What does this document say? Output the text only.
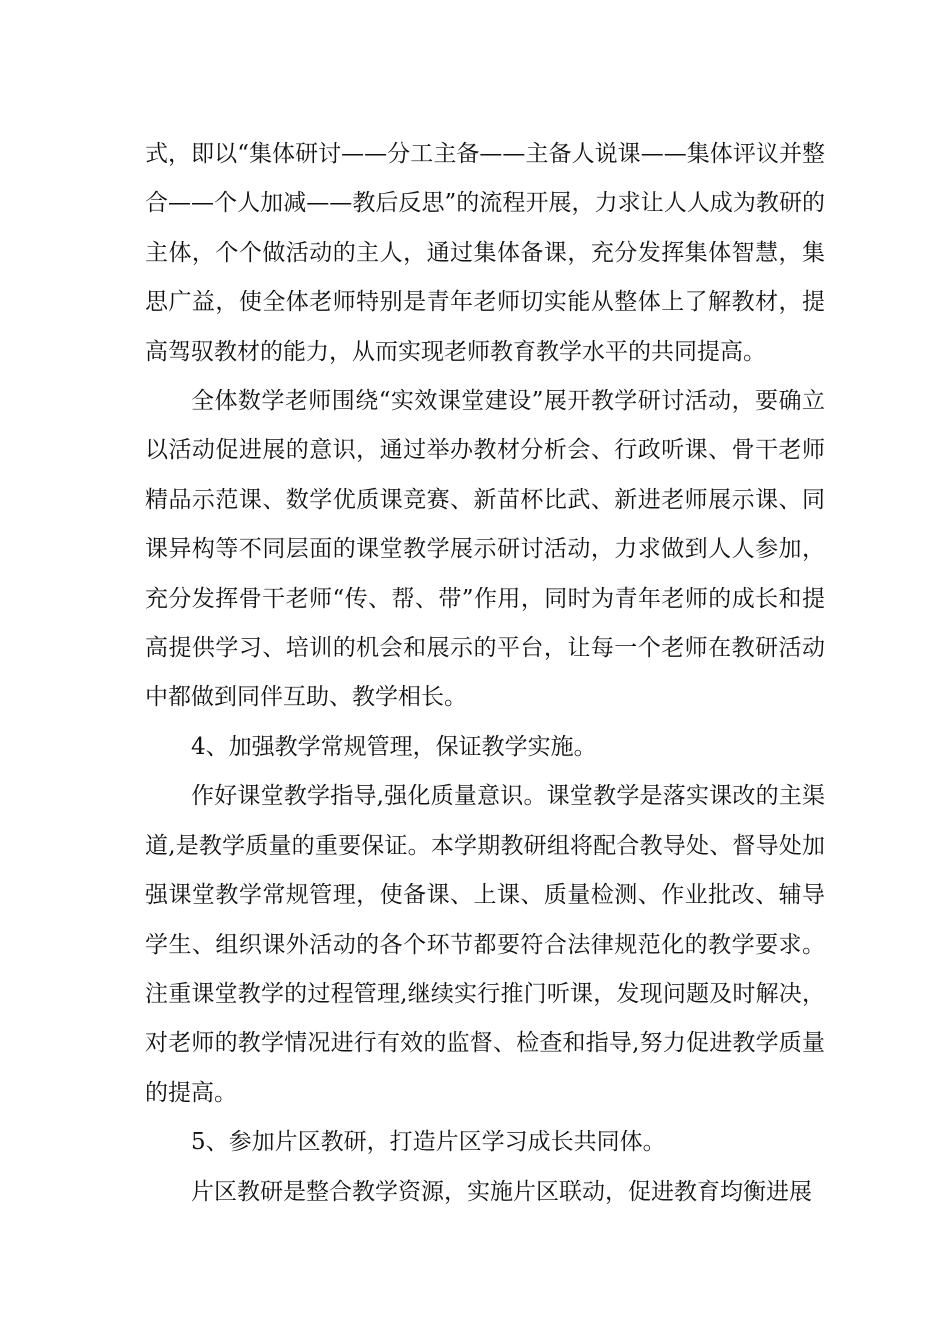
式，即以“集体研讨——分工主备——主备人说课——集体评议并整合——个人加减——教后反思”的流程开展，力求让人人成为教研的主体，个个做活动的主人，通过集体备课，充分发挥集体智慧，集思广益，使全体老师特别是青年老师切实能从整体上了解教材，提高驾驭教材的能力，从而实现老师教育教学水平的共同提高。

全体数学老师围绕“实效课堂建设”展开教学研讨活动，要确立以活动促进展的意识，通过举办教材分析会、行政听课、骨干老师精品示范课、数学优质课竞赛、新苗杯比武、新进老师展示课、同课异构等不同层面的课堂教学展示研讨活动，力求做到人人参加，充分发挥骨干老师“传、帮、带”作用，同时为青年老师的成长和提高提供学习、培训的机会和展示的平台，让每一个老师在教研活动中都做到同伴互助、教学相长。

4、加强教学常规管理，保证教学实施。

作好课堂教学指导,强化质量意识。课堂教学是落实课改的主渠道,是教学质量的重要保证。本学期教研组将配合教导处、督导处加强课堂教学常规管理，使备课、上课、质量检测、作业批改、辅导学生、组织课外活动的各个环节都要符合法律规范化的教学要求。注重课堂教学的过程管理,继续实行推门听课，发现问题及时解决，对老师的教学情况进行有效的监督、检查和指导,努力促进教学质量的提高。

5、参加片区教研，打造片区学习成长共同体。

片区教研是整合教学资源，实施片区联动，促进教育均衡进展
